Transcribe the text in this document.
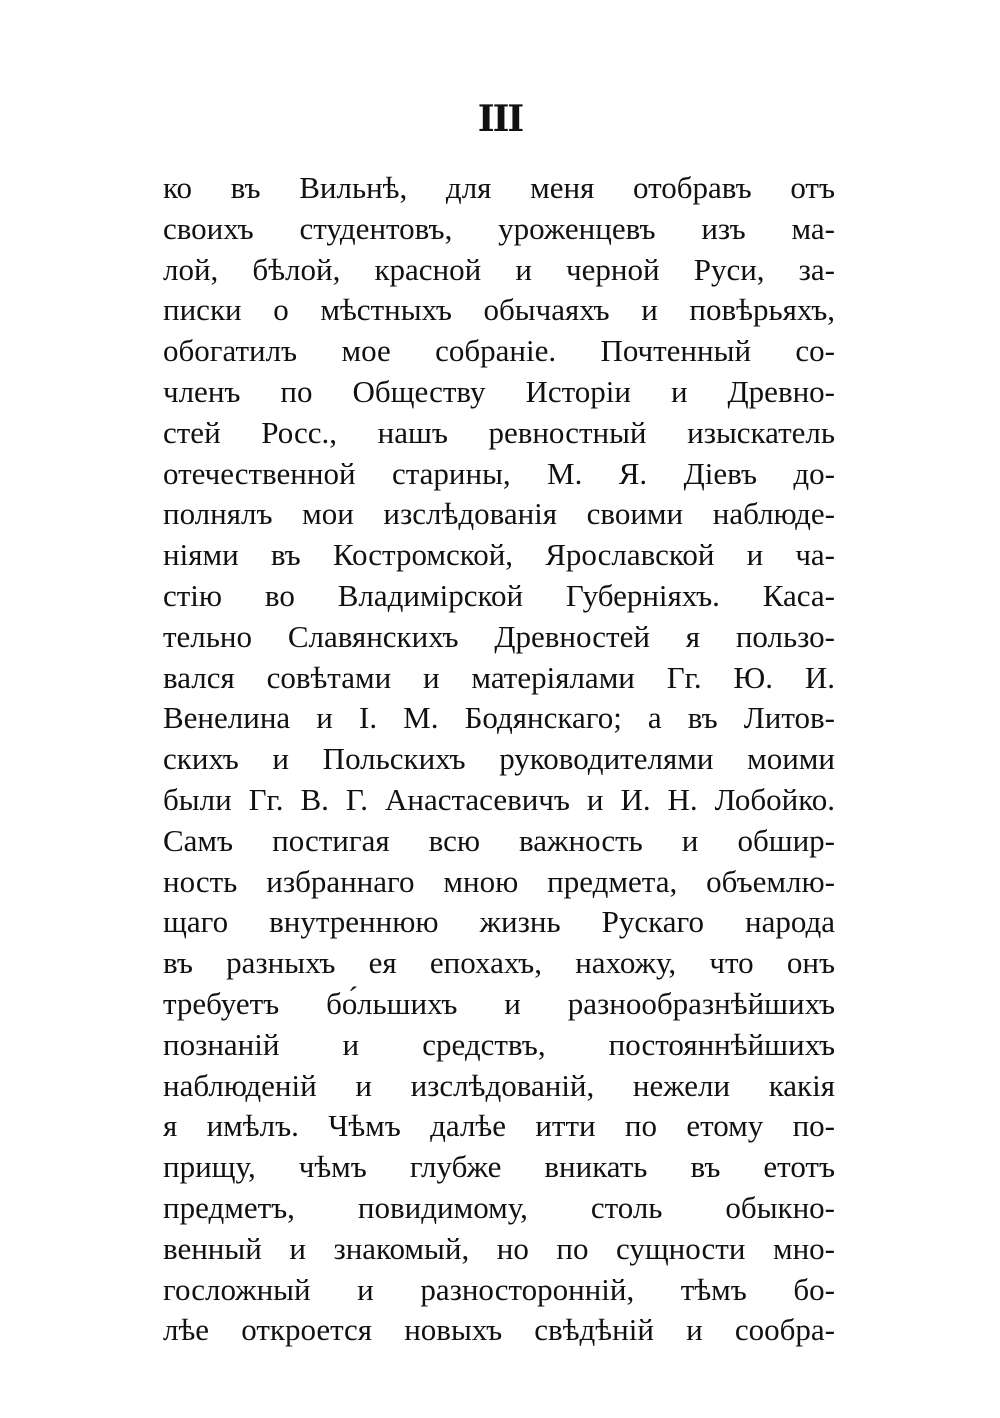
III
ко въ Вильнѣ, для меня отобравъ отъ
своихъ студентовъ, уроженцевъ изъ ма-
лой, бѣлой, красной и черной Руси, за-
писки о мѣстныхъ обычаяхъ и повѣрьяхъ,
обогатилъ мое собраніе. Почтенный со-
членъ по Обществу Исторіи и Древно-
стей Росс., нашъ ревностный изыскатель
отечественной старины, М. Я. Діевъ до-
полнялъ мои изслѣдованія своими наблюде-
ніями въ Костромской, Ярославской и ча-
стію во Владимірской Губерніяхъ. Каса-
тельно Славянскихъ Древностей я пользо-
вался совѣтами и матеріялами Гг. Ю. И.
Венелина и І. М. Бодянскаго; а въ Литов-
скихъ и Польскихъ руководителями моими
были Гг. В. Г. Анастасевичъ и И. Н. Лобойко.
Самъ постигая всю важность и обшир-
ность избраннаго мною предмета, объемлю-
щаго внутреннюю жизнь Рускаго народа
въ разныхъ ея епохахъ, нахожу, что онъ
требуетъ бо́льшихъ и разнообразнѣйшихъ
познаній и средствъ, постояннѣйшихъ
наблюденій и изслѣдованій, нежели какія
я имѣлъ. Чѣмъ далѣе итти по етому по-
прищу, чѣмъ глубже вникать въ етотъ
предметъ, повидимому, столь обыкно-
венный и знакомый, но по сущности мно-
госложный и разносторонній, тѣмъ бо-
лѣе откроется новыхъ свѣдѣній и сообра-
